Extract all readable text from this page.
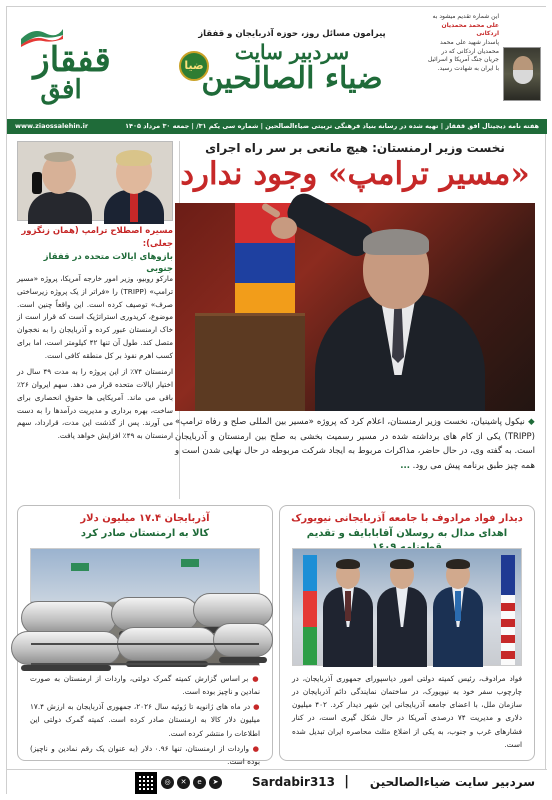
قفقاز
افق
ضیا
پیرامون مسائل روز، حوزه آذربایجان و قفقاز
سردبیر سایت
ضیاء الصالحین
این شماره تقدیم میشود به
علی محمد محمدیان اردکانی
پاسدار شهید علی محمد محمدیان اردکانی که در جریان جنگ آمریکا و اسرائیل با ایران به شهادت رسید.
هفته نامه دیجیتال افق قفقاز | تهیه شده در رسانه بنیاد فرهنگی تربیتی ضیاءالصالحین | شماره سی یکم ۳۱/ | جمعه ۳۰ مرداد ۱۴۰۵
www.ziaossalehin.ir
مسیره اصطلاح ترامپ (همان زنگزور جعلی):
بازوهای ایالات متحده در قفقاز جنوبی

مارکو روبیو، وزیر امور خارجه آمریکا، پروژه «مسیر ترامپ» (TRIPP) را «فراتر از یک پروژه زیرساختی صرف» توصیف کرده است. این واقعاً چنین است. موضوع، کریدوری استراتژیک است که قرار است از خاک ارمنستان عبور کرده و آذربایجان را به نخجوان متصل کند. طول آن تنها ۴۲ کیلومتر است، اما برای کسب اهرم نفوذ بر کل منطقه کافی است.

ارمنستان ۷۴٪ از این پروژه را به مدت ۴۹ سال در اختیار ایالات متحده قرار می دهد. سهم ایروان ۲۶٪ باقی می ماند. آمریکایی ها حقوق انحصاری برای ساخت، بهره برداری و مدیریت درآمدها را به دست می آورند. پس از گذشت این مدت، قرارداد، سهم ارمنستان به ۴۹٪ افزایش خواهد یافت.

نخست وزیر ارمنستان: هیچ مانعی بر سر راه اجرای
«مسیر ترامپ» وجود ندارد
◆ نیکول پاشینیان، نخست وزیر ارمنستان، اعلام کرد که پروژه «مسیر بین المللی صلح و رفاه ترامپ» (TRIPP) یکی از کام های برداشته شده در مسیر رسمیت بخشی به صلح بین ارمنستان و آذربایجان است. به گفته وی، در حال حاضر، مذاکرات مربوط به ایجاد شرکت مربوطه در حال نهایی شدن است و همه چیز طبق برنامه پیش می رود. ...
دیدار فواد مرادوف با جامعه آذربایجانی نیویورک
اهدای مدال به روسلان آقابابایف و تقدیم

فواد مرادوف، رئیس کمیته دولتی امور دیاسپورای جمهوری آذربایجان، در چارچوب سفر خود به نیویورک، در ساختمان نمایندگی دائم آذربایجان در سازمان ملل، با اعضای جامعه آذربایجانی این شهر دیدار کرد. ۴۰۲ میلیون دلاری و مدیریت ۷۴ درصدی آمریکا در حال شکل گیری است، در کنار فشارهای غرب و جنوب، به یکی از اضلاع مثلث محاصره ایران تبدیل شده است.

آذربایجان ۱۷.۴ میلیون دلار
کالا به ارمنستان صادر کرد

● بر اساس گزارش کمیته گمرک دولتی، واردات از ارمنستان به صورت نمادین و ناچیز بوده است.

● در ماه های ژانویه تا ژوئیه سال ۲۰۲۶، جمهوری آذربایجان به ارزش ۱۷.۴ میلیون دلار کالا به ارمنستان صادر کرده است. کمیته گمرک دولتی این اطلاعات را منتشر کرده است.

● واردات از ارمنستان، تنها ۰.۹۶ دلار (به عنوان یک رقم نمادین و ناچیز) بوده است.

سردبیر سایت ضیاءالصالحین
|
Sardabir313
◎	✕	e	➤
